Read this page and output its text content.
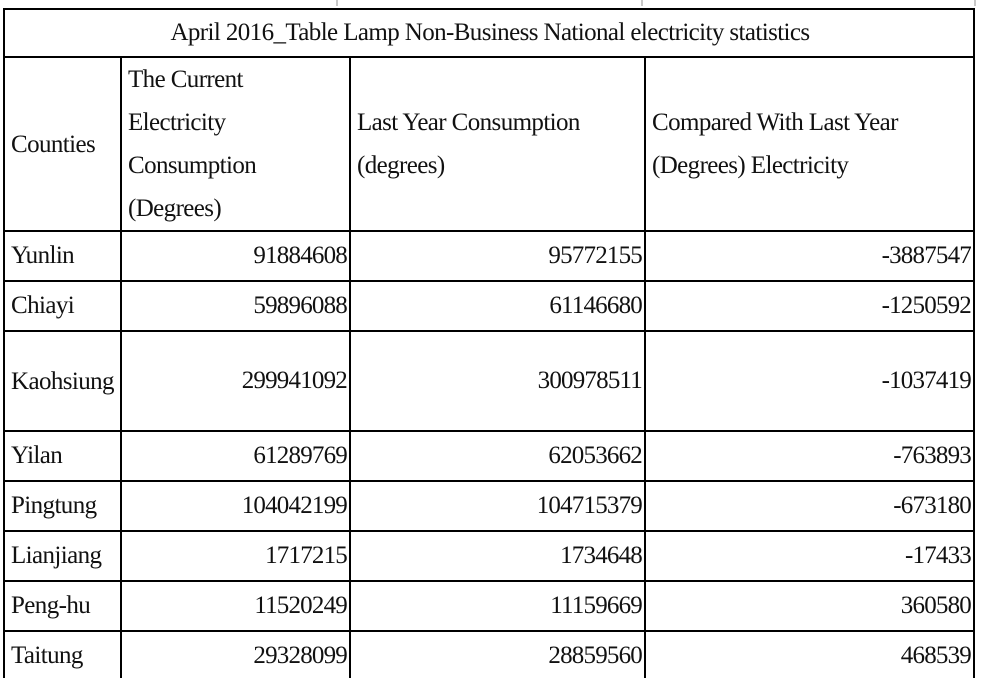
April 2016_Table Lamp Non-Business National electricity statistics			
Counties	The Current Electricity Consumption (Degrees)	Last Year Consumption (degrees)	Compared With Last Year (Degrees) Electricity
Yunlin	91884608	95772155	-3887547
Chiayi	59896088	61146680	-1250592
Kaohsiung	299941092	300978511	-1037419
Yilan	61289769	62053662	-763893
Pingtung	104042199	104715379	-673180
Lianjiang	1717215	1734648	-17433
Peng-hu	11520249	11159669	360580
Taitung	29328099	28859560	468539
